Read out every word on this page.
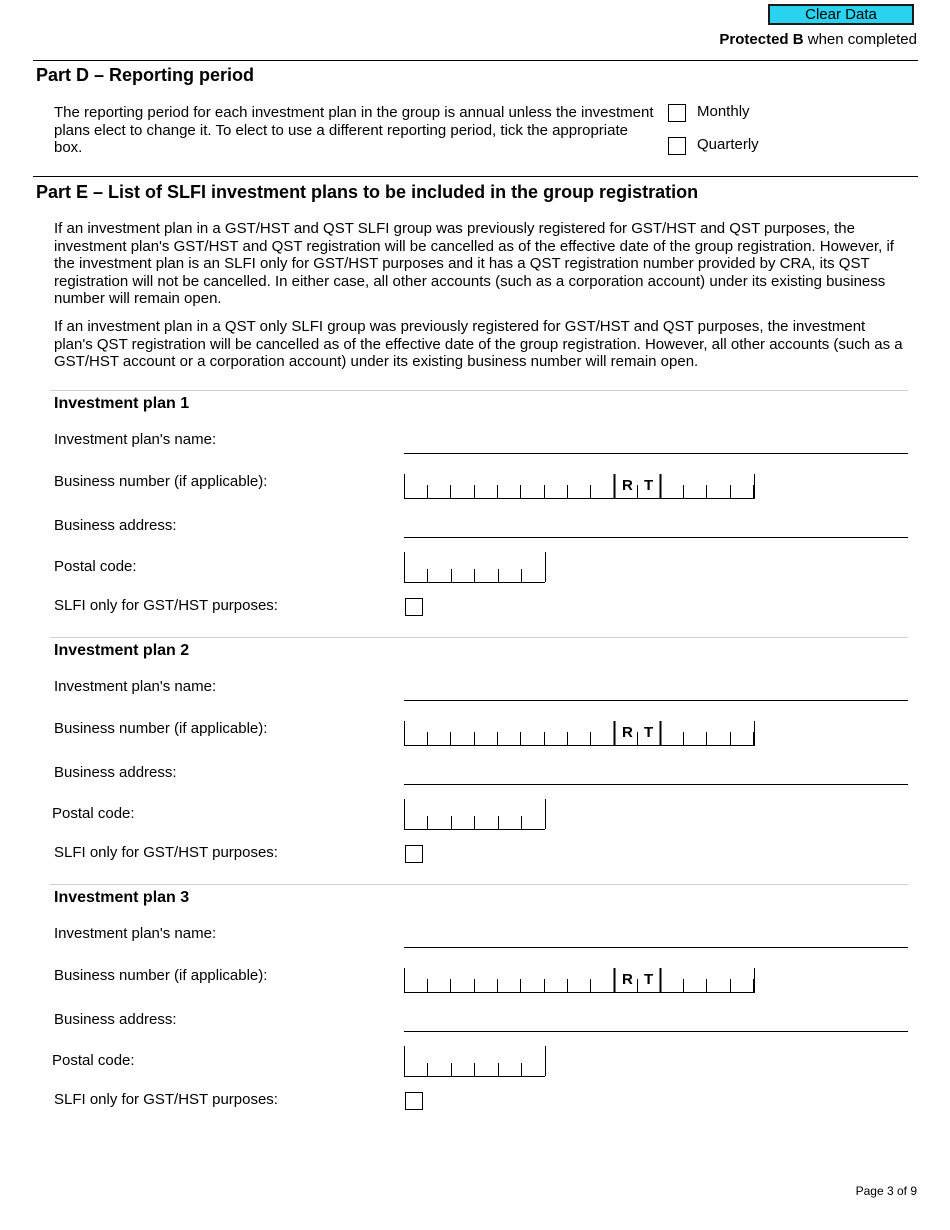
Clear Data
Protected B when completed
Part D – Reporting period
The reporting period for each investment plan in the group is annual unless the investment plans elect to change it. To elect to use a different reporting period, tick the appropriate box.
Monthly
Quarterly
Part E – List of SLFI investment plans to be included in the group registration
If an investment plan in a GST/HST and QST SLFI group was previously registered for GST/HST and QST purposes, the investment plan's GST/HST and QST registration will be cancelled as of the effective date of the group registration. However, if the investment plan is an SLFI only for GST/HST purposes and it has a QST registration number provided by CRA, its QST registration will not be cancelled. In either case, all other accounts (such as a corporation account) under its existing business number will remain open.
If an investment plan in a QST only SLFI group was previously registered for GST/HST and QST purposes, the investment plan's QST registration will be cancelled as of the effective date of the group registration. However, all other accounts (such as a GST/HST account or a corporation account) under its existing business number will remain open.
Investment plan 1
Investment plan's name:
Business number (if applicable):	R T
Business address:
Postal code:
SLFI only for GST/HST purposes:
Investment plan 2
Investment plan's name:
Business number (if applicable):	R T
Business address:
Postal code:
SLFI only for GST/HST purposes:
Investment plan 3
Investment plan's name:
Business number (if applicable):	R T
Business address:
Postal code:
SLFI only for GST/HST purposes:
Page 3 of 9
